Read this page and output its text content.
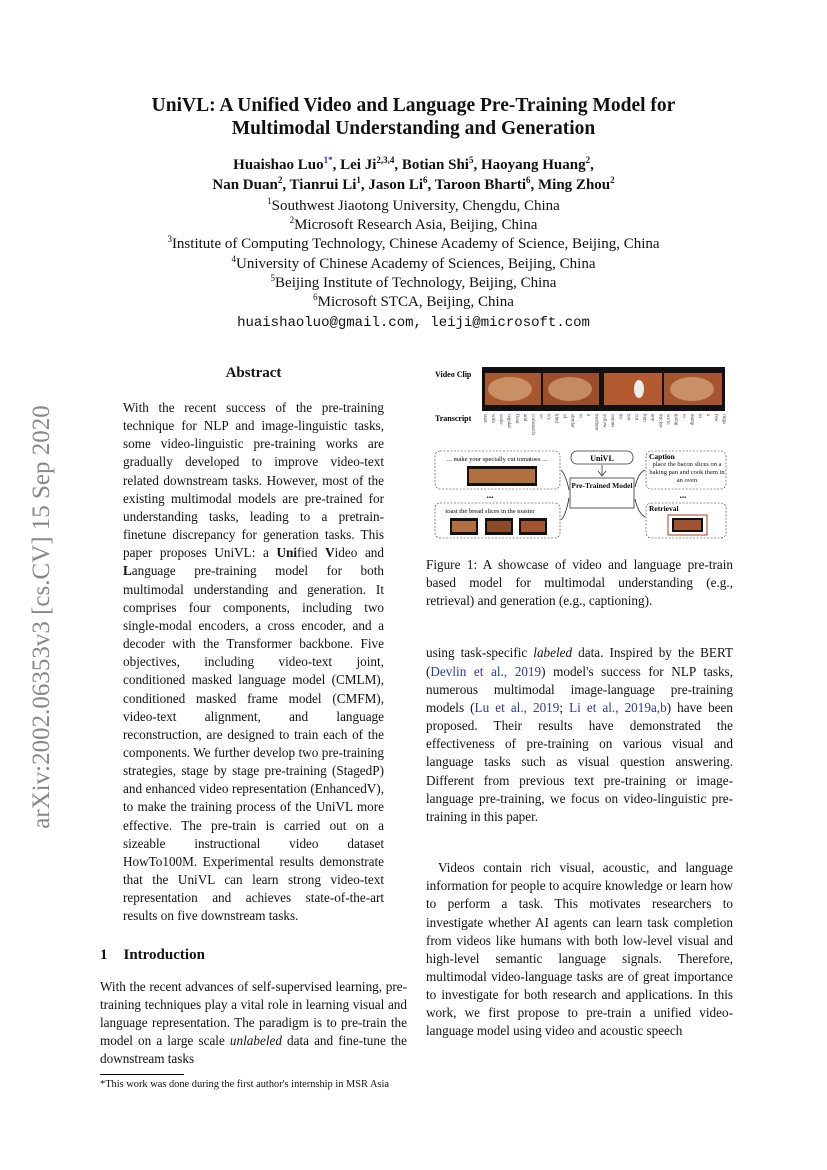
arXiv:2002.06353v3 [cs.CV] 15 Sep 2020
UniVL: A Unified Video and Language Pre-Training Model for
Multimodal Understanding and Generation
Huaishao Luo$^{1*}$, Lei Ji$^{2,3,4}$, Botian Shi$^5$, Haoyang Huang$^2$,
Nan Duan$^2$, Tianrui Li$^1$, Jason Li$^6$, Taroon Bharti$^6$, Ming Zhou$^2$
$^1$Southwest Jiaotong University, Chengdu, China
$^2$Microsoft Research Asia, Beijing, China
$^3$Institute of Computing Technology, Chinese Academy of Science, Beijing, China
$^4$University of Chinese Academy of Sciences, Beijing, China
$^5$Beijing Institute of Technology, Beijing, China
$^6$Microsoft STCA, Beijing, China
huaishaoluo@gmail.com, leiji@microsoft.com
Abstract
With the recent success of the pre-training technique for NLP and image-linguistic tasks, some video-linguistic pre-training works are gradually developed to improve video-text related downstream tasks. However, most of the existing multimodal models are pre-trained for understanding tasks, leading to a pretrain-finetune discrepancy for generation tasks. This paper proposes UniVL: a Unified Video and Language pre-training model for both multimodal understanding and generation. It comprises four components, including two single-modal encoders, a cross encoder, and a decoder with the Transformer backbone. Five objectives, including video-text joint, conditioned masked language model (CMLM), conditioned masked frame model (CMFM), video-text alignment, and language reconstruction, are designed to train each of the components. We further develop two pre-training strategies, stage by stage pre-training (StagedP) and enhanced video representation (EnhancedV), to make the training process of the UniVL more effective. The pre-train is carried out on a sizeable instructional video dataset HowTo100M. Experimental results demonstrate that the UniVL can learn strong video-text representation and achieves state-of-the-art results on five downstream tasks.
1 Introduction
With the recent advances of self-supervised learning, pre-training techniques play a vital role in learning visual and language representation. The paradigm is to pre-train the model on a large scale unlabeled data and fine-tune the downstream tasks
*This work was done during the first author's internship in MSR Asia
Video Clip
Transcript start with some regular flour and cornstarch so it's kind of similar to a medium yellow onions do not cut him any thicker we're going to dump in a few rings
UniVL
Pre-Trained Model
... make your specially cut tomatoes ...
...
toast the bread slices in the toaster
Caption
place the bacon slices on a baking pan and cook them in an oven
...
Retrieval
Figure 1: A showcase of video and language pre-train based model for multimodal understanding (e.g., retrieval) and generation (e.g., captioning).
using task-specific labeled data. Inspired by the BERT (Devlin et al., 2019) model's success for NLP tasks, numerous multimodal image-language pre-training models (Lu et al., 2019; Li et al., 2019a,b) have been proposed. Their results have demonstrated the effectiveness of pre-training on various visual and language tasks such as visual question answering. Different from previous text pre-training or image-language pre-training, we focus on video-linguistic pre-training in this paper.
Videos contain rich visual, acoustic, and language information for people to acquire knowledge or learn how to perform a task. This motivates researchers to investigate whether AI agents can learn task completion from videos like humans with both low-level visual and high-level semantic language signals. Therefore, multimodal video-language tasks are of great importance to investigate for both research and applications. In this work, we first propose to pre-train a unified video-language model using video and acoustic speech
